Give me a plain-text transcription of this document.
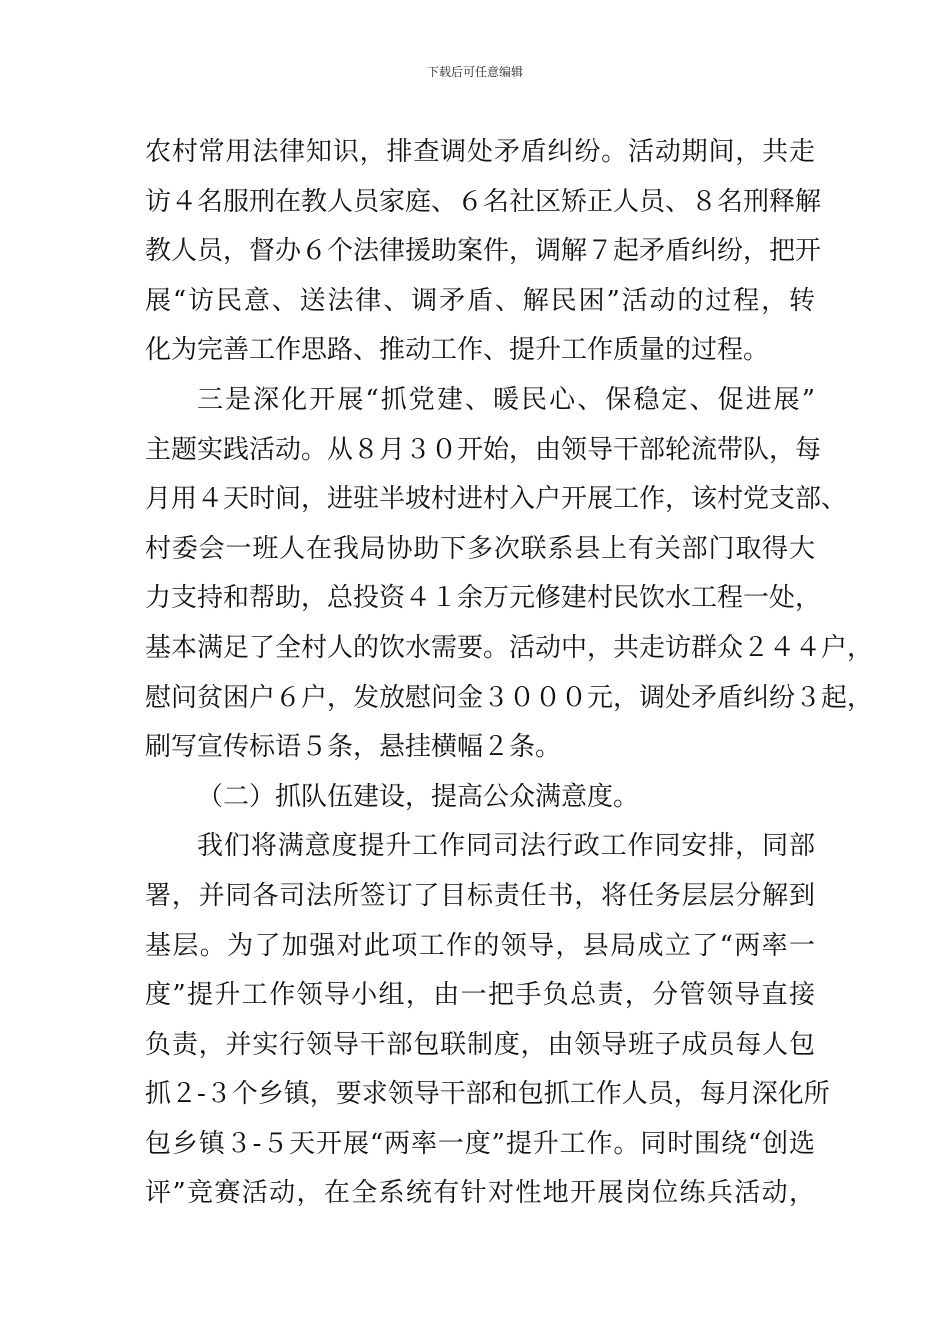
下载后可任意编辑
农村常用法律知识，排查调处矛盾纠纷。活动期间，共走
访４名服刑在教人员家庭、６名社区矫正人员、８名刑释解
教人员，督办６个法律援助案件，调解７起矛盾纠纷，把开
展“访民意、送法律、调矛盾、解民困”活动的过程，转
化为完善工作思路、推动工作、提升工作质量的过程。
三是深化开展“抓党建、暖民心、保稳定、促进展”
主题实践活动。从８月３０开始，由领导干部轮流带队，每
月用４天时间，进驻半坡村进村入户开展工作，该村党支部、
村委会一班人在我局协助下多次联系县上有关部门取得大
力支持和帮助，总投资４１余万元修建村民饮水工程一处，
基本满足了全村人的饮水需要。活动中，共走访群众２４４户，
慰问贫困户６户，发放慰问金３０００元，调处矛盾纠纷３起，
刷写宣传标语５条，悬挂横幅２条。
（二）抓队伍建设，提高公众满意度。
我们将满意度提升工作同司法行政工作同安排，同部
署，并同各司法所签订了目标责任书，将任务层层分解到
基层。为了加强对此项工作的领导，县局成立了“两率一
度”提升工作领导小组，由一把手负总责，分管领导直接
负责，并实行领导干部包联制度，由领导班子成员每人包
抓２-３个乡镇，要求领导干部和包抓工作人员，每月深化所
包乡镇３-５天开展“两率一度”提升工作。同时围绕“创选
评”竞赛活动，在全系统有针对性地开展岗位练兵活动，
